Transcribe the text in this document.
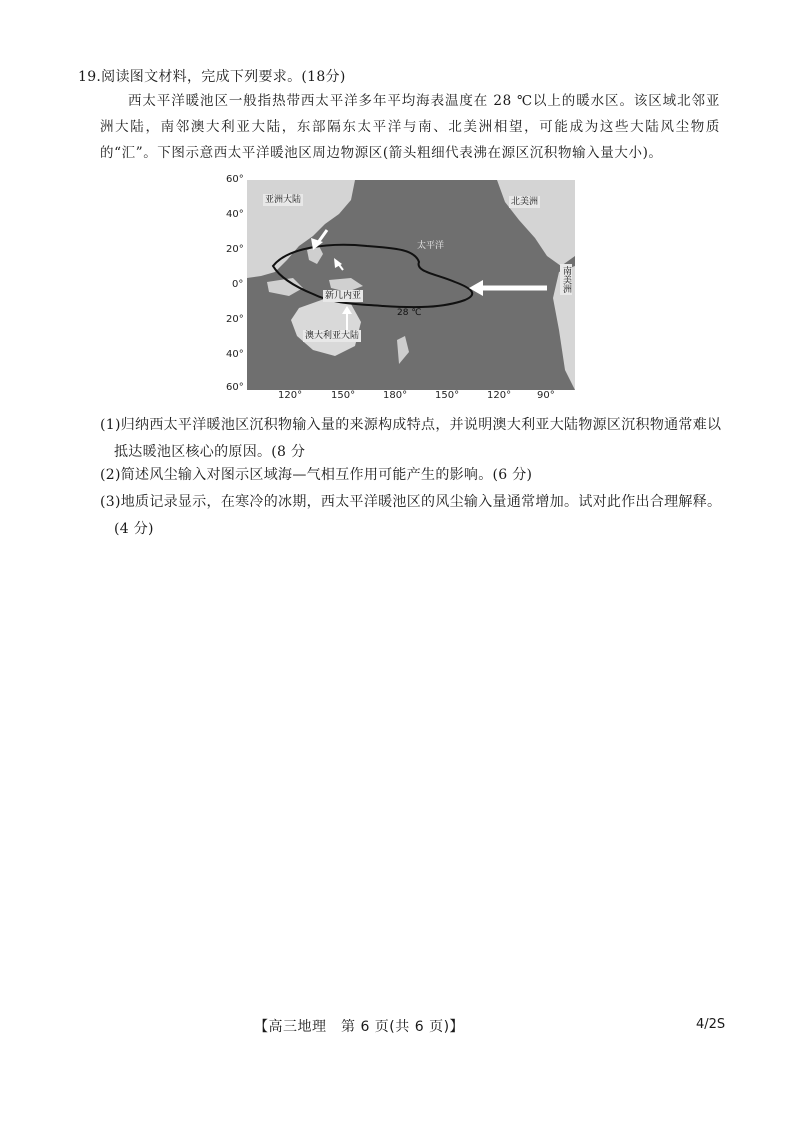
19.阅读图文材料，完成下列要求。(18分)
西太平洋暖池区一般指热带西太平洋多年平均海表温度在 28 ℃以上的暖水区。该区域北邻亚洲大陆，南邻澳大利亚大陆，东部隔东太平洋与南、北美洲相望，可能成为这些大陆风尘物质的“汇”。下图示意西太平洋暖池区周边物源区(箭头粗细代表沸在源区沉积物输入量大小)。
60°
40°
20°
0°
20°
40°
60°
亚洲大陆	北美洲
太平洋
南美洲
新几内亚
澳大利亚大陆
28 ℃
120°	150°	180°	150°	120°	90°
(1)归纳西太平洋暖池区沉积物输入量的来源构成特点，并说明澳大利亚大陆物源区沉积物通常难以
抵达暖池区核心的原因。(8 分
(2)简述风尘输入对图示区域海—气相互作用可能产生的影响。(6 分)
(3)地质记录显示，在寒冷的冰期，西太平洋暖池区的风尘输入量通常增加。试对此作出合理解释。
(4 分)
【高三地理　第 6 页(共 6 页)】	4/2S
